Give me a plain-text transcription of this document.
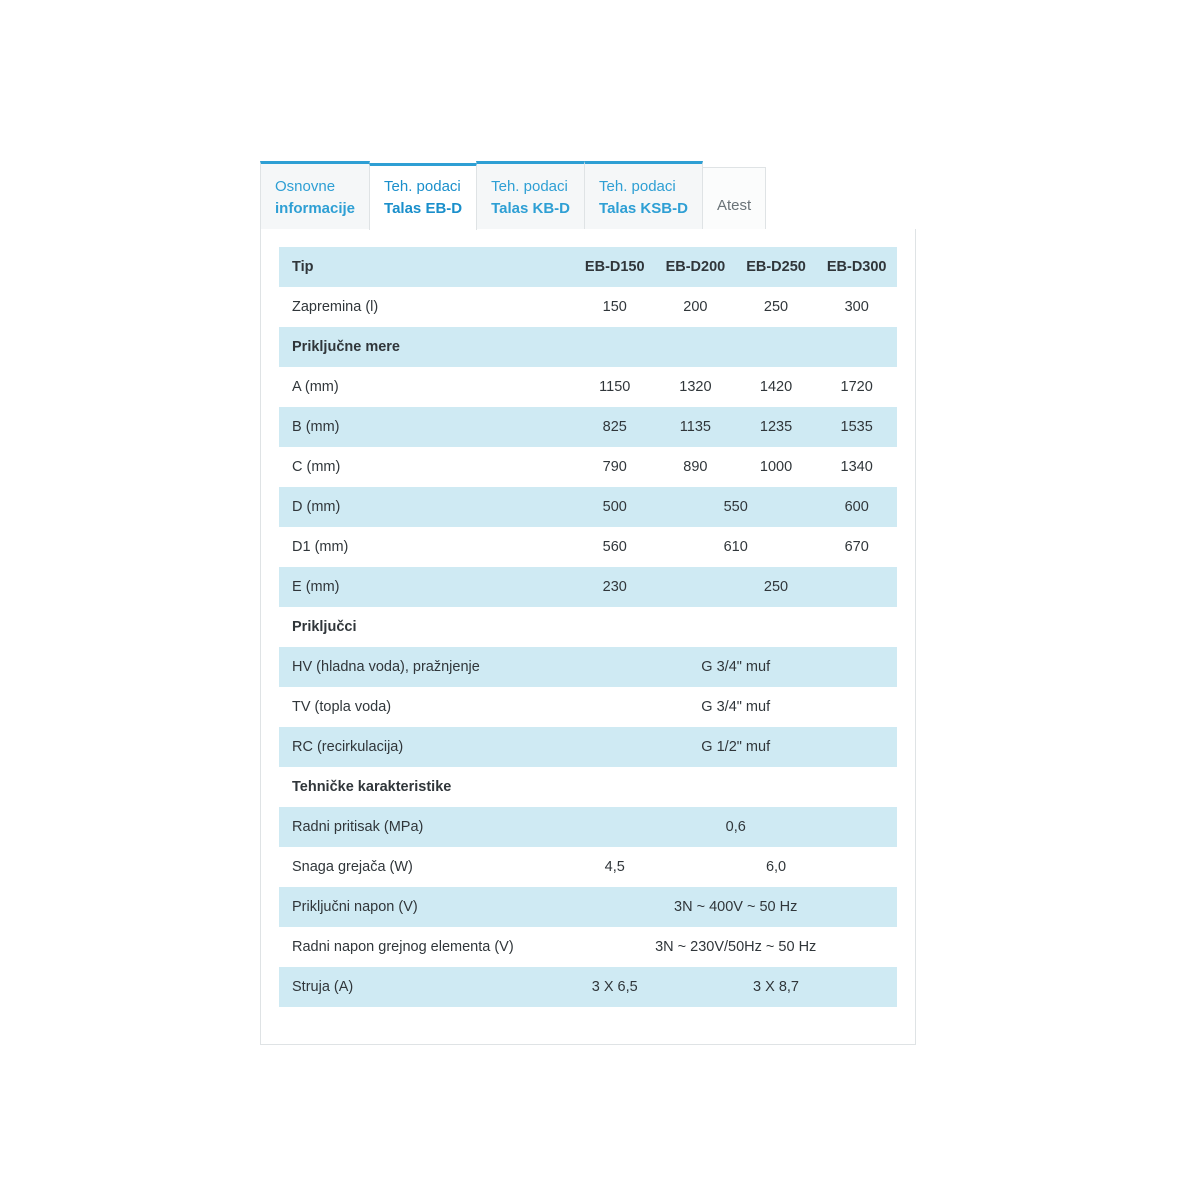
Osnovne
informacije
Teh. podaci
Talas EB-D
Teh. podaci
Talas KB-D
Teh. podaci
Talas KSB-D Atest
Tip	EB-D150	EB-D200	EB-D250	EB-D300
Zapremina (l)	150	200	250	300
Priključne mere				
A (mm)	1150	1320	1420	1720
B (mm)	825	1135	1235	1535
C (mm)	790	890	1000	1340
D (mm)	500	550		600
D1 (mm)	560	610		670
E (mm)	230	250		
Priključci				
HV (hladna voda), pražnjenje	G 3/4" muf			
TV (topla voda)	G 3/4" muf			
RC (recirkulacija)	G 1/2" muf			
Tehničke karakteristike				
Radni pritisak (MPa)	0,6			
Snaga grejača (W)	4,5	6,0		
Priključni napon (V)	3N ~ 400V ~ 50 Hz			
Radni napon grejnog elementa (V)	3N ~ 230V/50Hz ~ 50 Hz			
Struja (A)	3 X 6,5	3 X 8,7		
